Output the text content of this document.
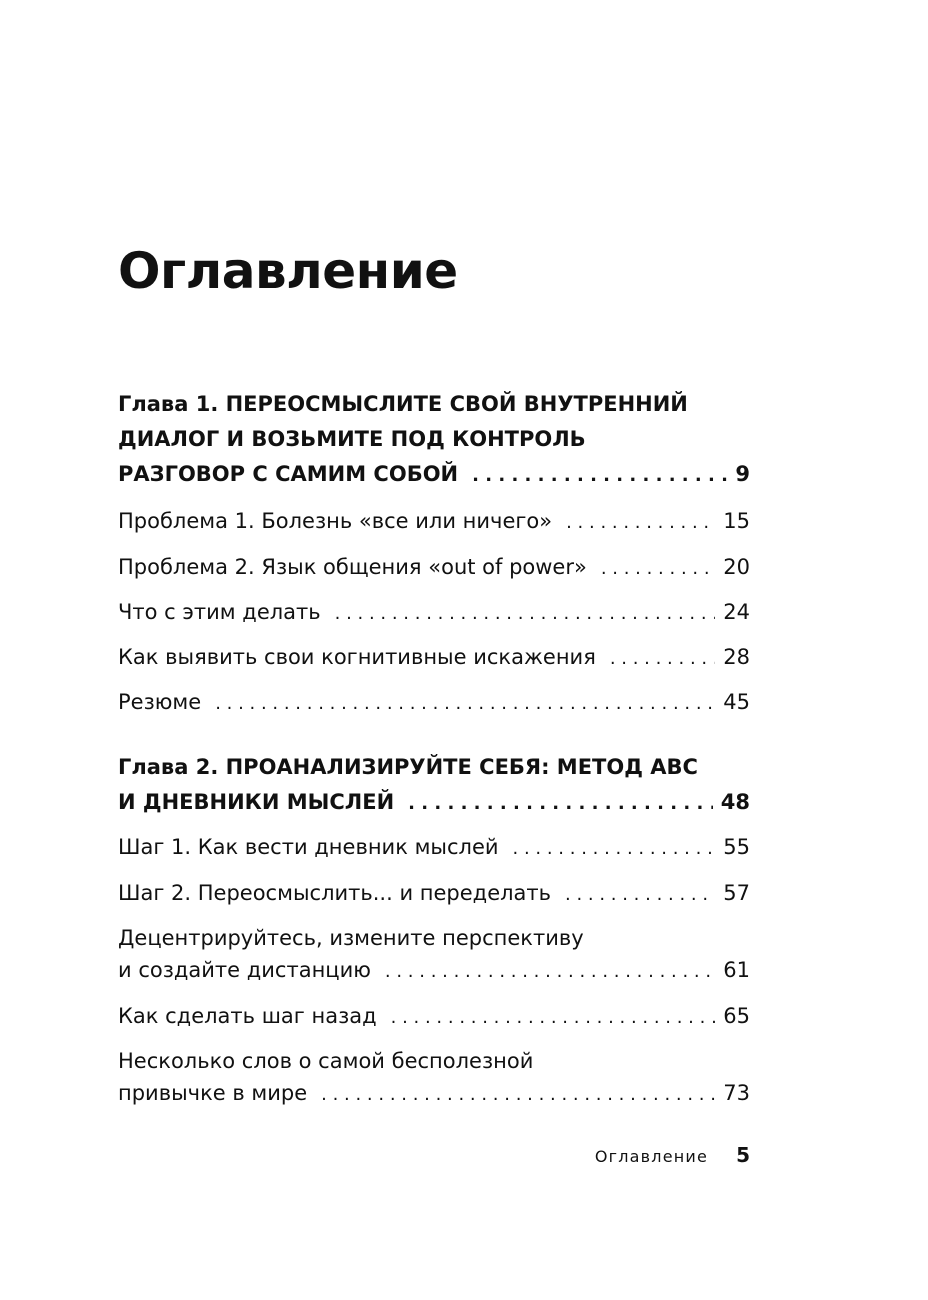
Оглавление
Глава 1. ПЕРЕОСМЫСЛИТЕ СВОЙ ВНУТРЕННИЙ
ДИАЛОГ И ВОЗЬМИТЕ ПОД КОНТРОЛЬ
РАЗГОВОР С САМИМ СОБОЙ . . .	9
Проблема 1. Болезнь «все или ничего» . . .	15
Проблема 2. Язык общения «out of power» . . .	20
Что с этим делать . . .	24
Как выявить свои когнитивные искажения . . .	28
Резюме . . .	45
Глава 2. ПРОАНАЛИЗИРУЙТЕ СЕБЯ: МЕТОД АВС
И ДНЕВНИКИ МЫСЛЕЙ . . .	48
Шаг 1. Как вести дневник мыслей . . .	55
Шаг 2. Переосмыслить... и переделать . . .	57
Децентрируйтесь, измените перспективу
и создайте дистанцию . . .	61
Как сделать шаг назад . . .	65
Несколько слов о самой бесполезной
привычке в мире . . .	73
Оглавление 5
